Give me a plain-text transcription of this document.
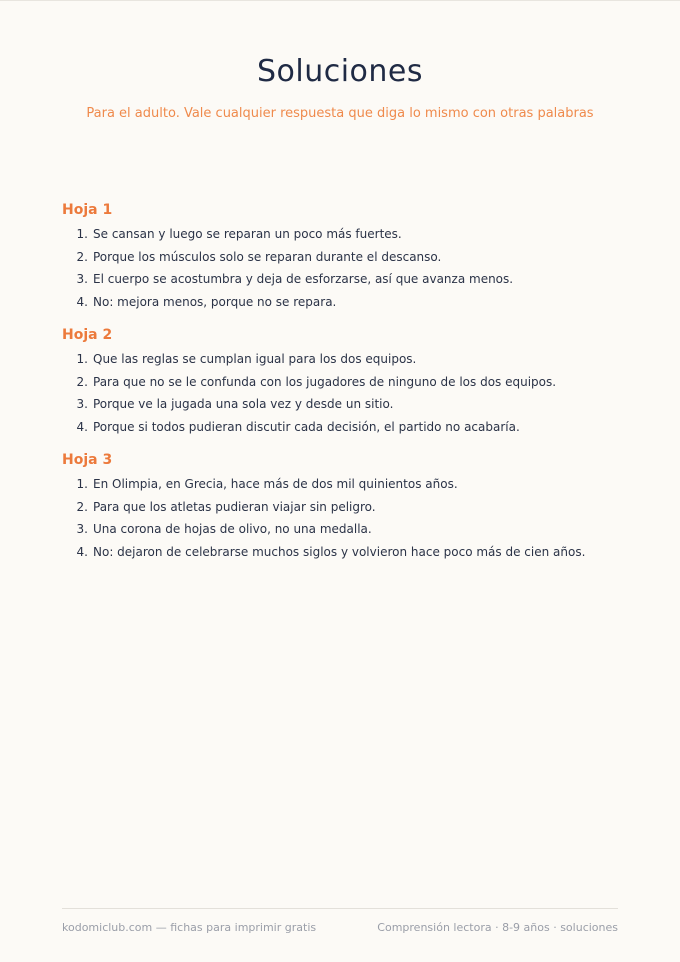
Soluciones
Para el adulto. Vale cualquier respuesta que diga lo mismo con otras palabras
Hoja 1
1. Se cansan y luego se reparan un poco más fuertes.
2. Porque los músculos solo se reparan durante el descanso.
3. El cuerpo se acostumbra y deja de esforzarse, así que avanza menos.
4. No: mejora menos, porque no se repara.
Hoja 2
1. Que las reglas se cumplan igual para los dos equipos.
2. Para que no se le confunda con los jugadores de ninguno de los dos equipos.
3. Porque ve la jugada una sola vez y desde un sitio.
4. Porque si todos pudieran discutir cada decisión, el partido no acabaría.
Hoja 3
1. En Olimpia, en Grecia, hace más de dos mil quinientos años.
2. Para que los atletas pudieran viajar sin peligro.
3. Una corona de hojas de olivo, no una medalla.
4. No: dejaron de celebrarse muchos siglos y volvieron hace poco más de cien años.
kodomiclub.com — fichas para imprimir gratis	Comprensión lectora · 8-9 años · soluciones
